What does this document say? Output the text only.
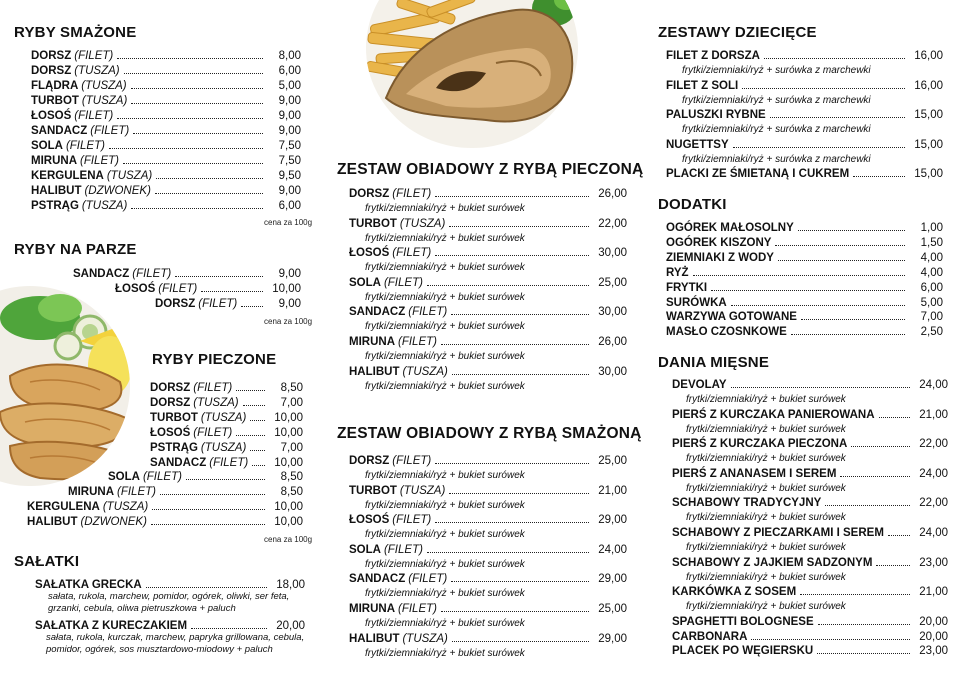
RYBY SMAŻONE
DORSZ (FILET)	8,00
DORSZ (TUSZA)	6,00
FLĄDRA (TUSZA)	5,00
TURBOT (TUSZA)	9,00
ŁOSOŚ (FILET)	9,00
SANDACZ (FILET)	9,00
SOLA (FILET)	7,50
MIRUNA (FILET)	7,50
KERGULENA (TUSZA)	9,50
HALIBUT (DZWONEK)	9,00
PSTRĄG (TUSZA)	6,00
cena za 100g
RYBY NA PARZE
SANDACZ (FILET)	9,00
ŁOSOŚ (FILET)	10,00
DORSZ (FILET)	9,00
cena za 100g
RYBY PIECZONE
DORSZ (FILET)	8,50
DORSZ (TUSZA)	7,00
TURBOT (TUSZA)	10,00
ŁOSOŚ (FILET)	10,00
PSTRĄG (TUSZA)	7,00
SANDACZ (FILET)	10,00
SOLA (FILET)	8,50
MIRUNA (FILET)	8,50
KERGULENA (TUSZA)	10,00
HALIBUT (DZWONEK)	10,00
cena za 100g
SAŁATKI
SAŁATKA GRECKA	18,00
sałata, rukola, marchew, pomidor, ogórek, oliwki, ser feta, grzanki, cebula, oliwa pietruszkowa + paluch
SAŁATKA Z KURECZAKIEM	20,00
sałata, rukola, kurczak, marchew, papryka grillowana, cebula, pomidor, ogórek, sos musztardowo-miodowy + paluch
ZESTAW OBIADOWY Z RYBĄ PIECZONĄ
DORSZ (FILET)	26,00
frytki/ziemniaki/ryż + bukiet surówek
TURBOT (TUSZA)	22,00
frytki/ziemniaki/ryż + bukiet surówek
ŁOSOŚ (FILET)	30,00
frytki/ziemniaki/ryż + bukiet surówek
SOLA (FILET)	25,00
frytki/ziemniaki/ryż + bukiet surówek
SANDACZ (FILET)	30,00
frytki/ziemniaki/ryż + bukiet surówek
MIRUNA (FILET)	26,00
frytki/ziemniaki/ryż + bukiet surówek
HALIBUT (TUSZA)	30,00
frytki/ziemniaki/ryż + bukiet surówek
ZESTAW OBIADOWY Z RYBĄ SMAŻONĄ
DORSZ (FILET)	25,00
frytki/ziemniaki/ryż + bukiet surówek
TURBOT (TUSZA)	21,00
frytki/ziemniaki/ryż + bukiet surówek
ŁOSOŚ (FILET)	29,00
frytki/ziemniaki/ryż + bukiet surówek
SOLA (FILET)	24,00
frytki/ziemniaki/ryż + bukiet surówek
SANDACZ (FILET)	29,00
frytki/ziemniaki/ryż + bukiet surówek
MIRUNA (FILET)	25,00
frytki/ziemniaki/ryż + bukiet surówek
HALIBUT (TUSZA)	29,00
frytki/ziemniaki/ryż + bukiet surówek
ZESTAWY DZIECIĘCE
FILET Z DORSZA	16,00
frytki/ziemniaki/ryż + surówka z marchewki
FILET Z SOLI	16,00
frytki/ziemniaki/ryż + surówka z marchewki
PALUSZKI RYBNE	15,00
frytki/ziemniaki/ryż + surówka z marchewki
NUGETTSY	15,00
frytki/ziemniaki/ryż + surówka z marchewki
PLACKI ZE ŚMIETANĄ I CUKREM	15,00
DODATKI
OGÓREK MAŁOSOLNY	1,00
OGÓREK KISZONY	1,50
ZIEMNIAKI Z WODY	4,00
RYŻ	4,00
FRYTKI	6,00
SURÓWKA	5,00
WARZYWA GOTOWANE	7,00
MASŁO CZOSNKOWE	2,50
DANIA MIĘSNE
DEVOLAY	24,00
frytki/ziemniaki/ryż + bukiet surówek
PIERŚ Z KURCZAKA PANIEROWANA	21,00
frytki/ziemniaki/ryż + bukiet surówek
PIERŚ Z KURCZAKA PIECZONA	22,00
frytki/ziemniaki/ryż + bukiet surówek
PIERŚ Z ANANASEM I SEREM	24,00
frytki/ziemniaki/ryż + bukiet surówek
SCHABOWY TRADYCYJNY	22,00
frytki/ziemniaki/ryż + bukiet surówek
SCHABOWY Z PIECZARKAMI I SEREM	24,00
frytki/ziemniaki/ryż + bukiet surówek
SCHABOWY Z JAJKIEM SADZONYM	23,00
frytki/ziemniaki/ryż + bukiet surówek
KARKÓWKA Z SOSEM	21,00
frytki/ziemniaki/ryż + bukiet surówek
SPAGHETTI BOLOGNESE	20,00
CARBONARA	20,00
PLACEK PO WĘGIERSKU	23,00
